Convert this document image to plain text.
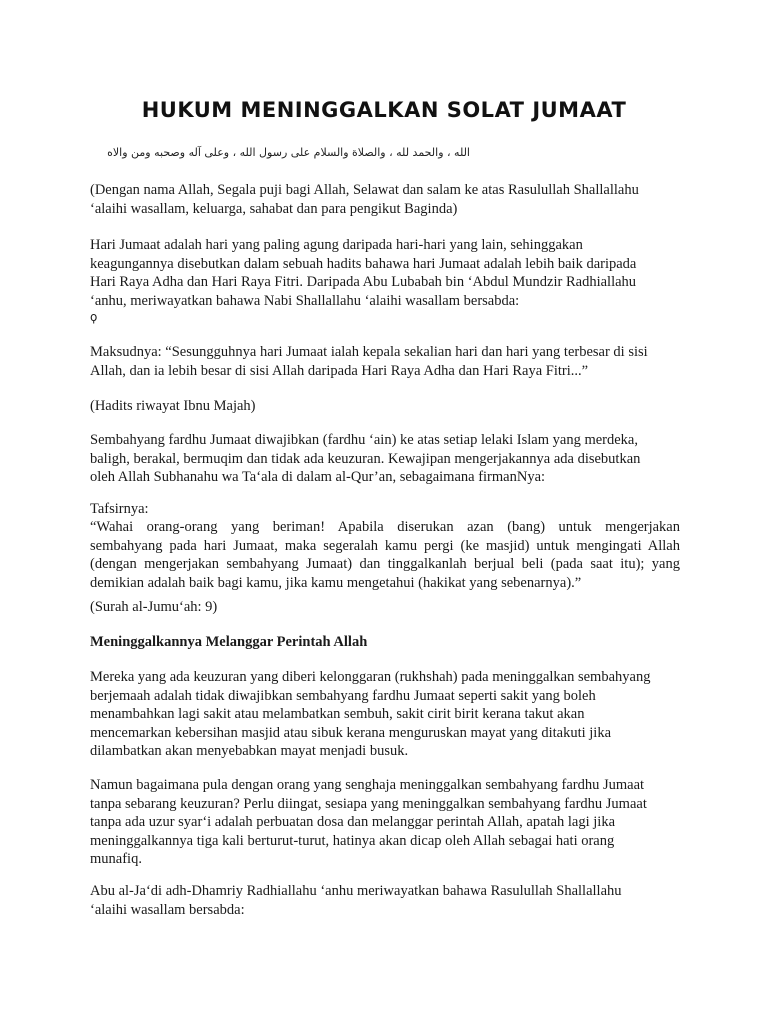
HUKUM MENINGGALKAN SOLAT JUMAAT
الله ، والحمد لله ، والصلاة والسلام على رسول الله ، وعلى آله وصحبه ومن والاه
(Dengan nama Allah, Segala puji bagi Allah, Selawat dan salam ke atas Rasulullah Shallallahu
‘alaihi wasallam, keluarga, sahabat dan para pengikut Baginda)
Hari Jumaat adalah hari yang paling agung daripada hari-hari yang lain, sehinggakan
keagungannya disebutkan dalam sebuah hadits bahawa hari Jumaat adalah lebih baik daripada
Hari Raya Adha dan Hari Raya Fitri. Daripada Abu Lubabah bin ‘Abdul Mundzir Radhiallahu
‘anhu, meriwayatkan bahawa Nabi Shallallahu ‘alaihi wasallam bersabda:
ϙ
Maksudnya: “Sesungguhnya hari Jumaat ialah kepala sekalian hari dan hari yang terbesar di sisi
Allah, dan ia lebih besar di sisi Allah daripada Hari Raya Adha dan Hari Raya Fitri...”
(Hadits riwayat Ibnu Majah)
Sembahyang fardhu Jumaat diwajibkan (fardhu ‘ain) ke atas setiap lelaki Islam yang merdeka,
baligh, berakal, bermuqim dan tidak ada keuzuran. Kewajipan mengerjakannya ada disebutkan
oleh Allah Subhanahu wa Ta‘ala di dalam al-Qur’an, sebagaimana firmanNya:
Tafsirnya:
“Wahai orang-orang yang beriman! Apabila diserukan azan (bang) untuk mengerjakan
sembahyang pada hari Jumaat, maka segeralah kamu pergi (ke masjid) untuk mengingati Allah
(dengan mengerjakan sembahyang Jumaat) dan tinggalkanlah berjual beli (pada saat itu); yang
demikian adalah baik bagi kamu, jika kamu mengetahui (hakikat yang sebenarnya).”
(Surah al-Jumu‘ah: 9)
Meninggalkannya Melanggar Perintah Allah
Mereka yang ada keuzuran yang diberi kelonggaran (rukhshah) pada meninggalkan sembahyang
berjemaah adalah tidak diwajibkan sembahyang fardhu Jumaat seperti sakit yang boleh
menambahkan lagi sakit atau melambatkan sembuh, sakit cirit birit kerana takut akan
mencemarkan kebersihan masjid atau sibuk kerana menguruskan mayat yang ditakuti jika
dilambatkan akan menyebabkan mayat menjadi busuk.
Namun bagaimana pula dengan orang yang senghaja meninggalkan sembahyang fardhu Jumaat
tanpa sebarang keuzuran? Perlu diingat, sesiapa yang meninggalkan sembahyang fardhu Jumaat
tanpa ada uzur syar‘i adalah perbuatan dosa dan melanggar perintah Allah, apatah lagi jika
meninggalkannya tiga kali berturut-turut, hatinya akan dicap oleh Allah sebagai hati orang
munafiq.
Abu al-Ja‘di adh-Dhamriy Radhiallahu ‘anhu meriwayatkan bahawa Rasulullah Shallallahu
‘alaihi wasallam bersabda:
